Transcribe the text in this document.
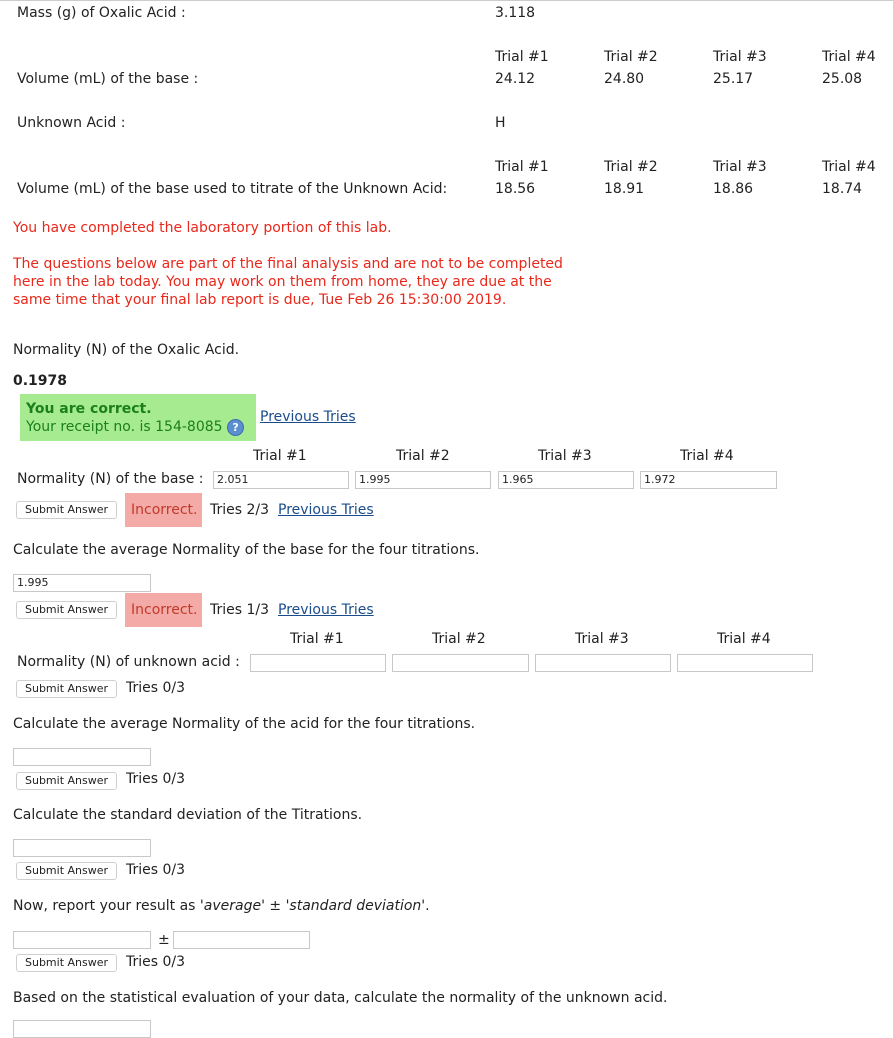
Mass (g) of Oxalic Acid :	3.118
Trial #1	Trial #2	Trial #3	Trial #4
Volume (mL) of the base :	24.12	24.80	25.17	25.08
Unknown Acid :	H
Trial #1	Trial #2	Trial #3	Trial #4
Volume (mL) of the base used to titrate of the Unknown Acid:	18.56	18.91	18.86	18.74
You have completed the laboratory portion of this lab.
The questions below are part of the final analysis and are not to be completed
here in the lab today. You may work on them from home, they are due at the
same time that your final lab report is due, Tue Feb 26 15:30:00 2019.
Normality (N) of the Oxalic Acid.
0.1978
You are correct.
Your receipt no. is 154-8085 ?
Previous Tries
Trial #1	Trial #2	Trial #3	Trial #4
Normality (N) of the base :	2.051	1.995	1.965	1.972
Submit Answer	Incorrect. Tries 2/3 Previous Tries
Calculate the average Normality of the base for the four titrations.
1.995
Submit Answer	Incorrect. Tries 1/3 Previous Tries
Trial #1	Trial #2	Trial #3	Trial #4
Normality (N) of unknown acid :
Submit Answer	Tries 0/3
Calculate the average Normality of the acid for the four titrations.
Submit Answer	Tries 0/3
Calculate the standard deviation of the Titrations.
Submit Answer	Tries 0/3
Now, report your result as 'average' ± 'standard deviation'.
±
Submit Answer	Tries 0/3
Based on the statistical evaluation of your data, calculate the normality of the unknown acid.
